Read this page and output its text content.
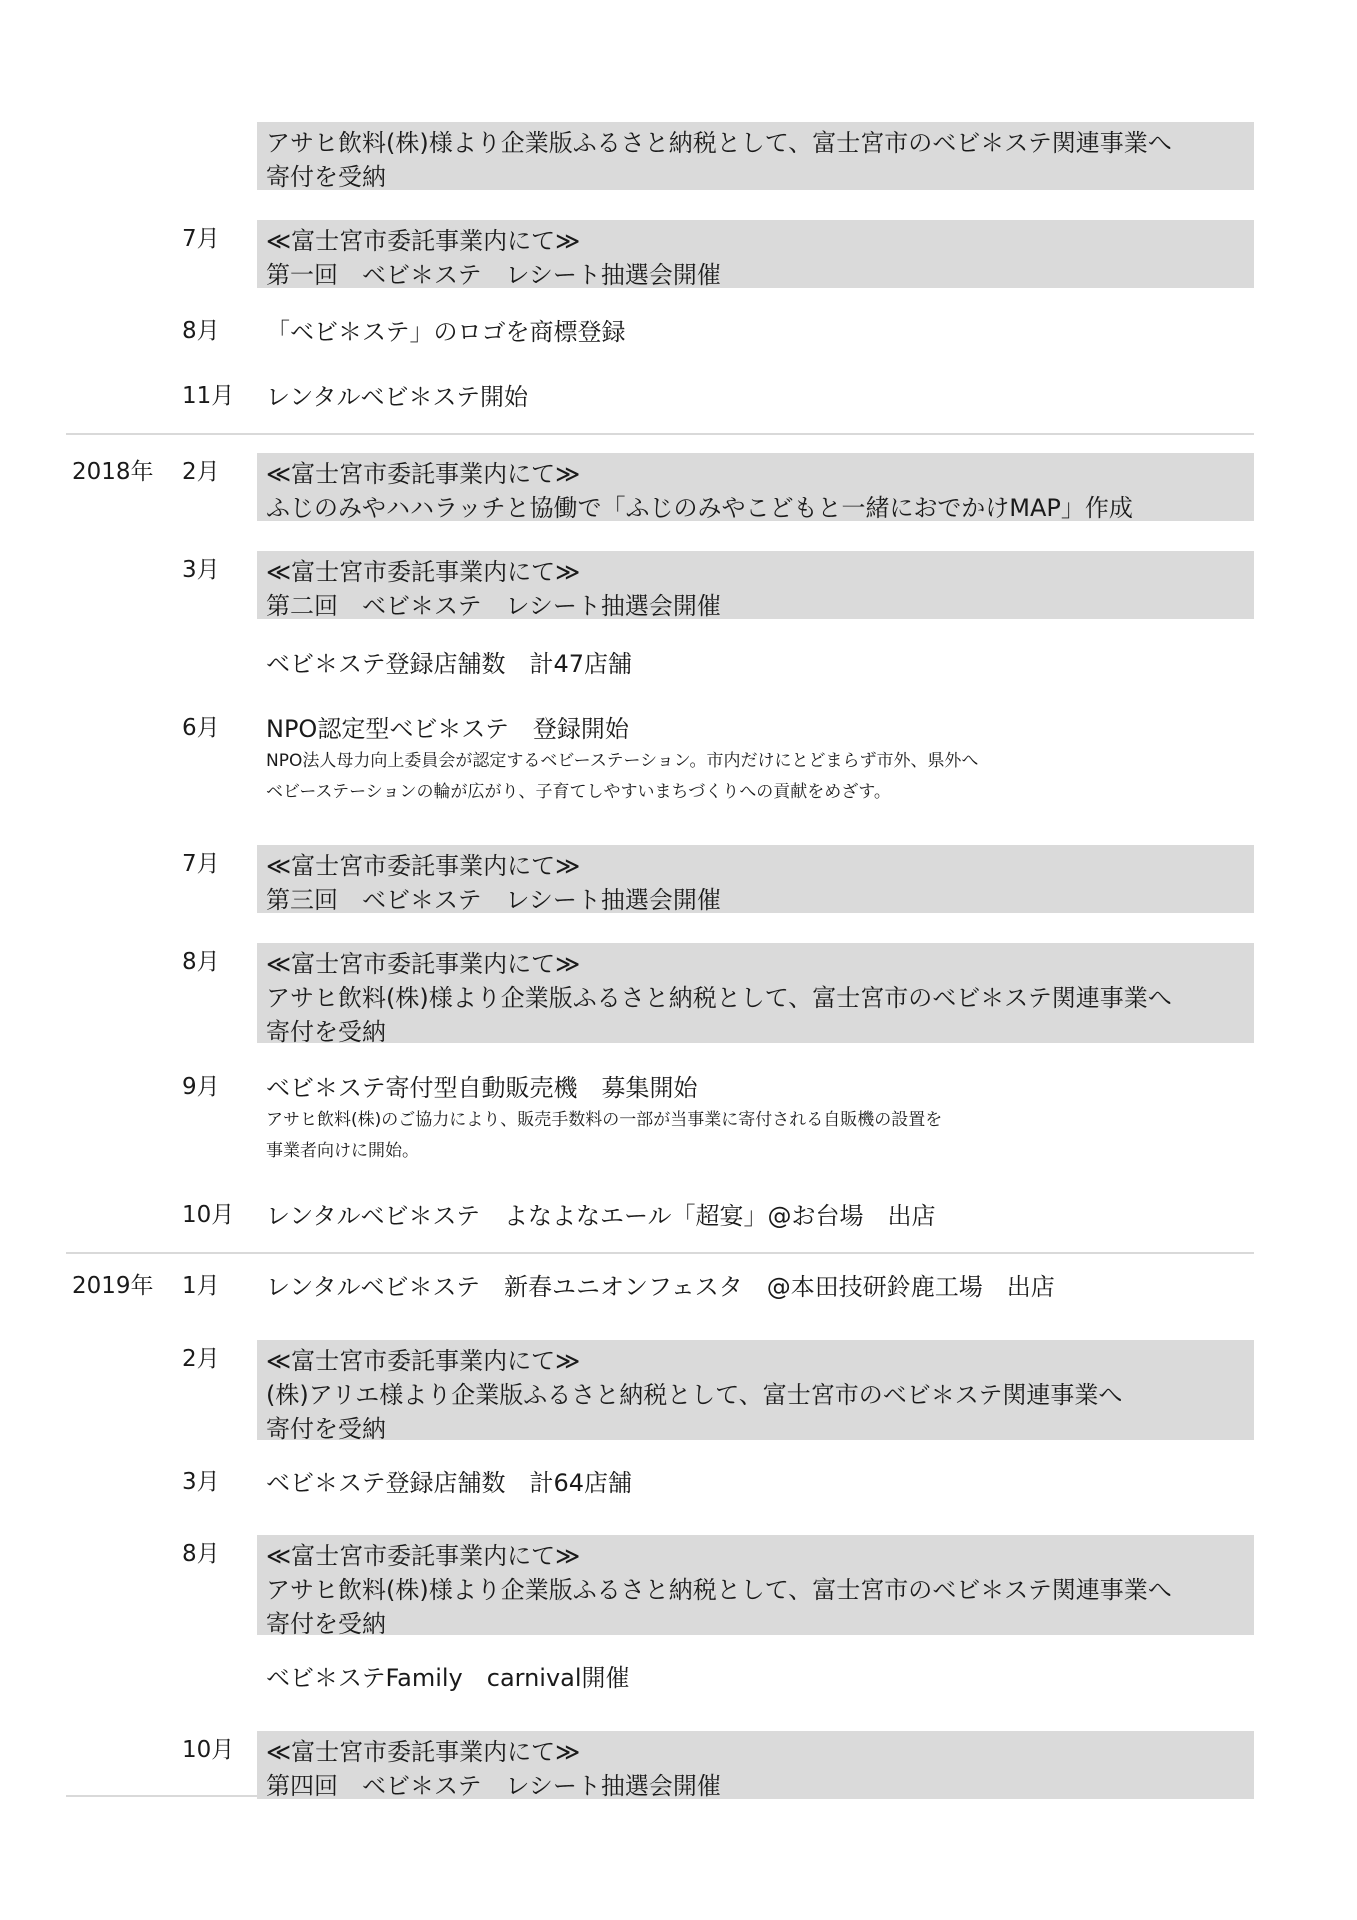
アサヒ飲料(株)様より企業版ふるさと納税として、富士宮市のベビ＊ステ関連事業へ
寄付を受納
7月 ≪富士宮市委託事業内にて≫
第一回　ベビ＊ステ　レシート抽選会開催
8月 「ベビ＊ステ」のロゴを商標登録
11月 レンタルベビ＊ステ開始
2018年 2月 ≪富士宮市委託事業内にて≫
ふじのみやハハラッチと協働で「ふじのみやこどもと一緒におでかけMAP」作成
3月 ≪富士宮市委託事業内にて≫
第二回　ベビ＊ステ　レシート抽選会開催
ベビ＊ステ登録店舗数　計47店舗
6月 NPO認定型ベビ＊ステ　登録開始
NPO法人母力向上委員会が認定するベビーステーション。市内だけにとどまらず市外、県外へ
ベビーステーションの輪が広がり、子育てしやすいまちづくりへの貢献をめざす。
7月 ≪富士宮市委託事業内にて≫
第三回　ベビ＊ステ　レシート抽選会開催
8月 ≪富士宮市委託事業内にて≫
アサヒ飲料(株)様より企業版ふるさと納税として、富士宮市のベビ＊ステ関連事業へ
寄付を受納
9月 ベビ＊ステ寄付型自動販売機　募集開始
アサヒ飲料(株)のご協力により、販売手数料の一部が当事業に寄付される自販機の設置を
事業者向けに開始。
10月 レンタルベビ＊ステ　よなよなエール「超宴」@お台場　出店
2019年 1月 レンタルベビ＊ステ　新春ユニオンフェスタ　@本田技研鈴鹿工場　出店
2月 ≪富士宮市委託事業内にて≫
(株)アリエ様より企業版ふるさと納税として、富士宮市のベビ＊ステ関連事業へ
寄付を受納
3月 ベビ＊ステ登録店舗数　計64店舗
8月 ≪富士宮市委託事業内にて≫
アサヒ飲料(株)様より企業版ふるさと納税として、富士宮市のベビ＊ステ関連事業へ
寄付を受納
ベビ＊ステFamily　carnival開催
10月 ≪富士宮市委託事業内にて≫
第四回　ベビ＊ステ　レシート抽選会開催
